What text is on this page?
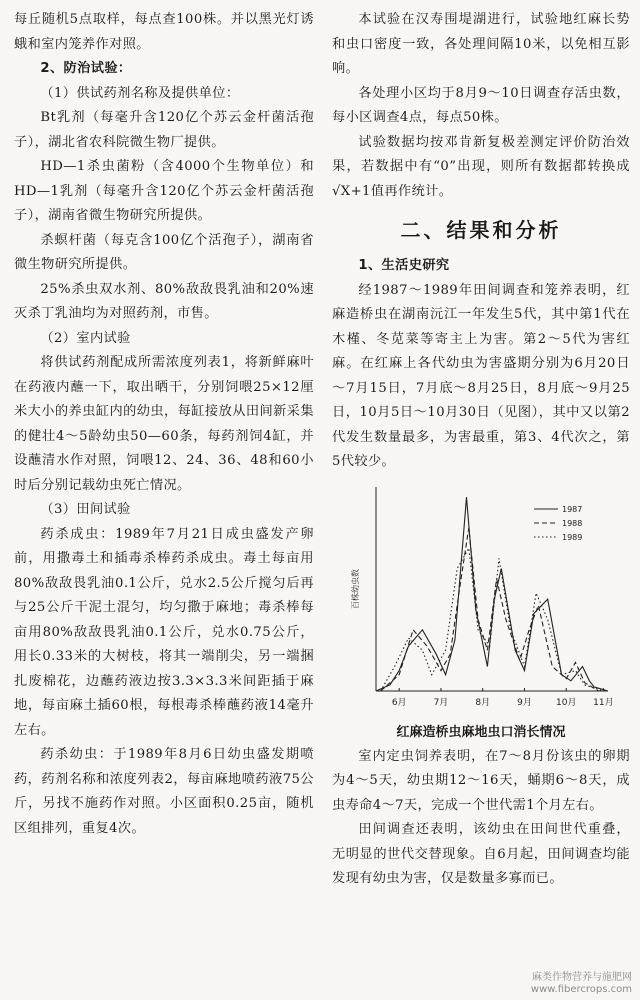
每丘随机5点取样，每点查100株。并以黑光灯诱蛾和室内笼养作对照。

2、防治试验：

（1）供试药剂名称及提供单位：

Bt乳剂（每毫升含120亿个苏云金杆菌活孢子），湖北省农科院微生物厂提供。

HD—1杀虫菌粉（含4000个生物单位）和HD—1乳剂（每毫升含120亿个苏云金杆菌活孢子），湖南省微生物研究所提供。

杀螟杆菌（每克含100亿个活孢子），湖南省微生物研究所提供。

25%杀虫双水剂、80%敌敌畏乳油和20%速灭杀丁乳油均为对照药剂，市售。

（2）室内试验

将供试药剂配成所需浓度列表1，将新鲜麻叶在药液内蘸一下，取出晒干，分别饲喂25×12厘米大小的养虫缸内的幼虫，每缸接放从田间新采集的健壮4～5龄幼虫50—60条，每药剂饲4缸，并设蘸清水作对照，饲喂12、24、36、48和60小时后分别记载幼虫死亡情况。

（3）田间试验

药杀成虫：1989年7月21日成虫盛发产卵前，用撒毒土和插毒杀棒药杀成虫。毒土每亩用80%敌敌畏乳油0.1公斤，兑水2.5公斤搅匀后再与25公斤干泥土混匀，均匀撒于麻地；毒杀棒每亩用80%敌敌畏乳油0.1公斤，兑水0.75公斤，用长0.33米的大树枝，将其一端削尖，另一端捆扎废棉花，边蘸药液边按3.3×3.3米间距插于麻地，每亩麻土插60根，每根毒杀棒蘸药液14毫升左右。

药杀幼虫：于1989年8月6日幼虫盛发期喷药，药剂名称和浓度列表2，每亩麻地喷药液75公斤，另找不施药作对照。小区面积0.25亩，随机区组排列，重复4次。

本试验在汉寿围堤湖进行，试验地红麻长势和虫口密度一致，各处理间隔10米，以免相互影响。

各处理小区均于8月9～10日调查存活虫数，每小区调查4点，每点50株。

试验数据均按邓肯新复极差测定评价防治效果，若数据中有“0”出现，则所有数据都转换成√X+1值再作统计。

二、结果和分析

1、生活史研究

经1987～1989年田间调查和笼养表明，红麻造桥虫在湖南沅江一年发生5代，其中第1代在木槿、冬苋菜等寄主上为害。第2～5代为害红麻。在红麻上各代幼虫为害盛期分别为6月20日～7月15日，7月底～8月25日，8月底～9月25日，10月5日～10月30日（见图），其中又以第2代发生数量最多，为害最重，第3、4代次之，第5代较少。

6月	7月	8月	9月	10月 11月
百株幼虫数
1987
1988
1989
红麻造桥虫麻地虫口消长情况

室内定虫饲养表明，在7～8月份该虫的卵期为4～5天，幼虫期12～16天，蛹期6～8天，成虫寿命4～7天，完成一个世代需1个月左右。

田间调查还表明，该幼虫在田间世代重叠，无明显的世代交替现象。自6月起，田间调查均能发现有幼虫为害，仅是数量多寡而已。

麻类作物营养与施肥网
www.fibercrops.com
